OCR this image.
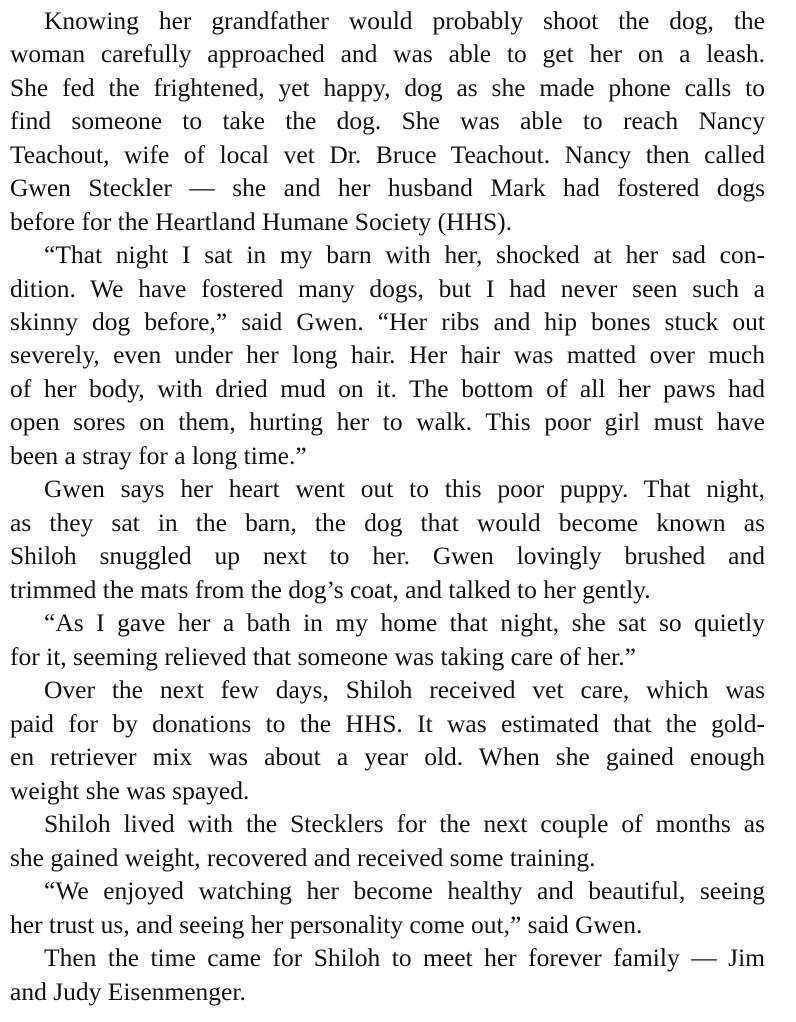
Knowing her grandfather would probably shoot the dog, the
woman carefully approached and was able to get her on a leash.
She fed the frightened, yet happy, dog as she made phone calls to
find someone to take the dog. She was able to reach Nancy
Teachout, wife of local vet Dr. Bruce Teachout. Nancy then called
Gwen Steckler — she and her husband Mark had fostered dogs
before for the Heartland Humane Society (HHS).
“That night I sat in my barn with her, shocked at her sad con-
dition. We have fostered many dogs, but I had never seen such a
skinny dog before,” said Gwen. “Her ribs and hip bones stuck out
severely, even under her long hair. Her hair was matted over much
of her body, with dried mud on it. The bottom of all her paws had
open sores on them, hurting her to walk. This poor girl must have
been a stray for a long time.”
Gwen says her heart went out to this poor puppy. That night,
as they sat in the barn, the dog that would become known as
Shiloh snuggled up next to her. Gwen lovingly brushed and
trimmed the mats from the dog’s coat, and talked to her gently.
“As I gave her a bath in my home that night, she sat so quietly
for it, seeming relieved that someone was taking care of her.”
Over the next few days, Shiloh received vet care, which was
paid for by donations to the HHS. It was estimated that the gold-
en retriever mix was about a year old. When she gained enough
weight she was spayed.
Shiloh lived with the Stecklers for the next couple of months as
she gained weight, recovered and received some training.
“We enjoyed watching her become healthy and beautiful, seeing
her trust us, and seeing her personality come out,” said Gwen.
Then the time came for Shiloh to meet her forever family — Jim
and Judy Eisenmenger.
